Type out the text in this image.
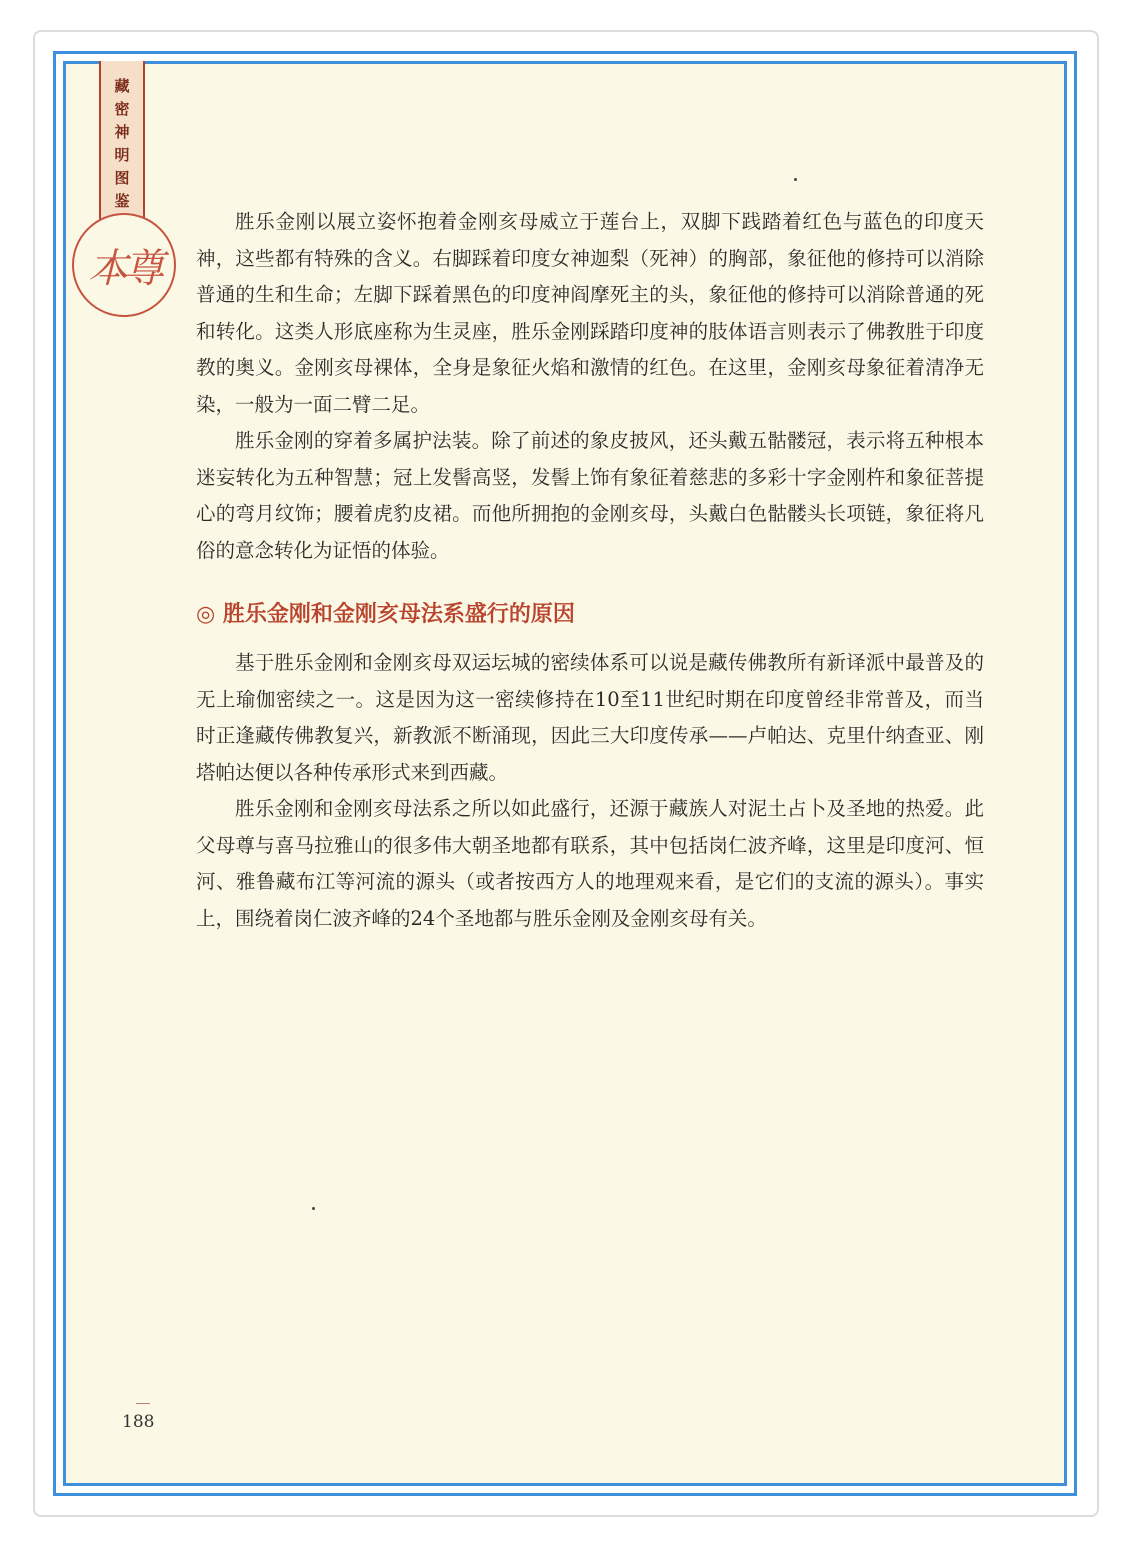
藏
密
神
明
图
鉴
本尊

胜乐金刚以展立姿怀抱着金刚亥母威立于莲台上，双脚下践踏着红色与蓝色的印度天神，这些都有特殊的含义。右脚踩着印度女神迦梨（死神）的胸部，象征他的修持可以消除普通的生和生命；左脚下踩着黑色的印度神阎摩死主的头，象征他的修持可以消除普通的死和转化。这类人形底座称为生灵座，胜乐金刚踩踏印度神的肢体语言则表示了佛教胜于印度教的奥义。金刚亥母裸体，全身是象征火焰和激情的红色。在这里，金刚亥母象征着清净无染，一般为一面二臂二足。

胜乐金刚的穿着多属护法装。除了前述的象皮披风，还头戴五骷髅冠，表示将五种根本迷妄转化为五种智慧；冠上发髻高竖，发髻上饰有象征着慈悲的多彩十字金刚杵和象征菩提心的弯月纹饰；腰着虎豹皮裙。而他所拥抱的金刚亥母，头戴白色骷髅头长项链，象征将凡俗的意念转化为证悟的体验。

◎ 胜乐金刚和金刚亥母法系盛行的原因

基于胜乐金刚和金刚亥母双运坛城的密续体系可以说是藏传佛教所有新译派中最普及的无上瑜伽密续之一。这是因为这一密续修持在10至11世纪时期在印度曾经非常普及，而当时正逢藏传佛教复兴，新教派不断涌现，因此三大印度传承——卢帕达、克里什纳查亚、刚塔帕达便以各种传承形式来到西藏。

胜乐金刚和金刚亥母法系之所以如此盛行，还源于藏族人对泥土占卜及圣地的热爱。此父母尊与喜马拉雅山的很多伟大朝圣地都有联系，其中包括岗仁波齐峰，这里是印度河、恒河、雅鲁藏布江等河流的源头（或者按西方人的地理观来看，是它们的支流的源头）。事实上，围绕着岗仁波齐峰的24个圣地都与胜乐金刚及金刚亥母有关。

188
